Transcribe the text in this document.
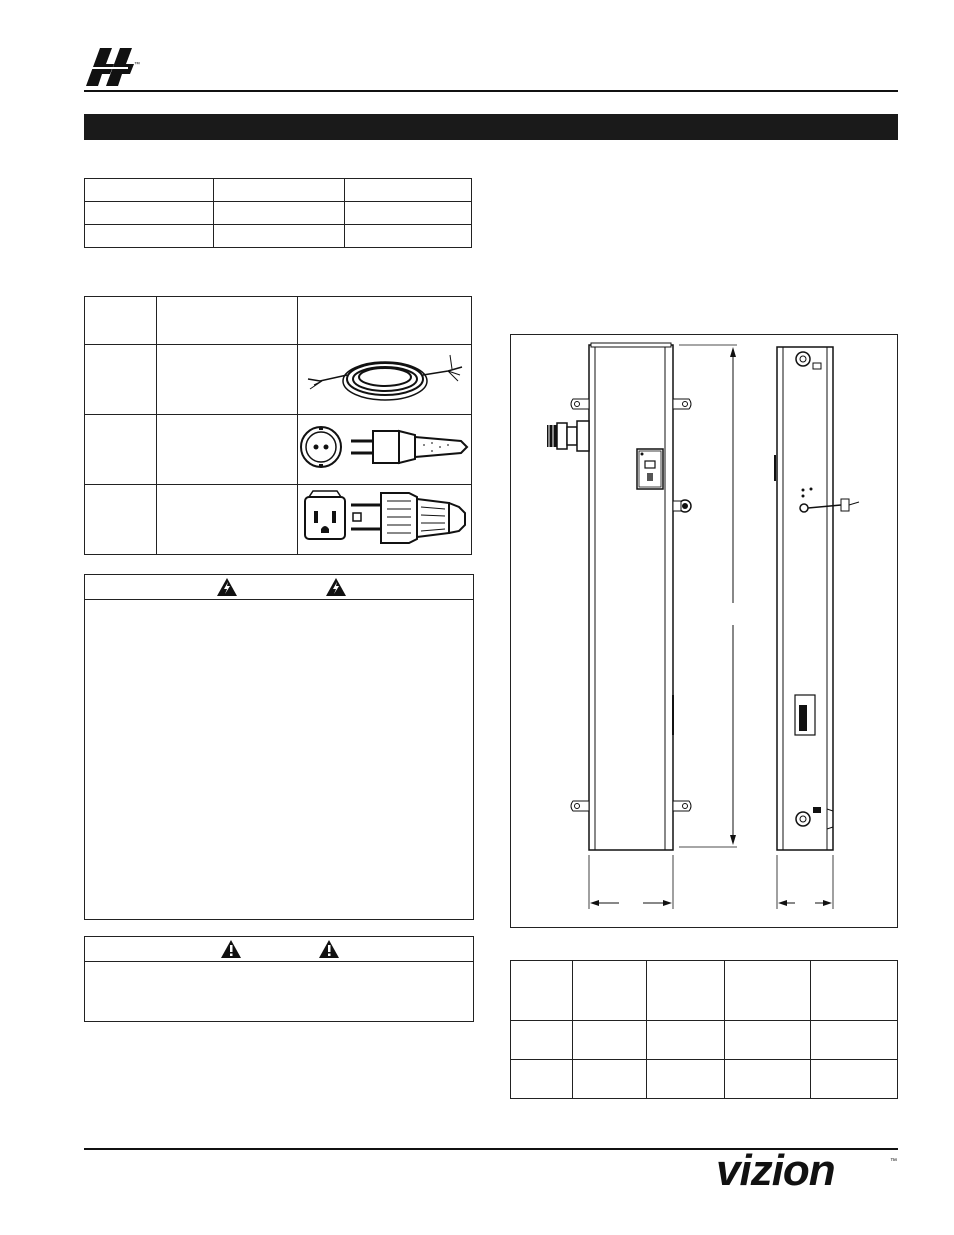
™

vizion	™
